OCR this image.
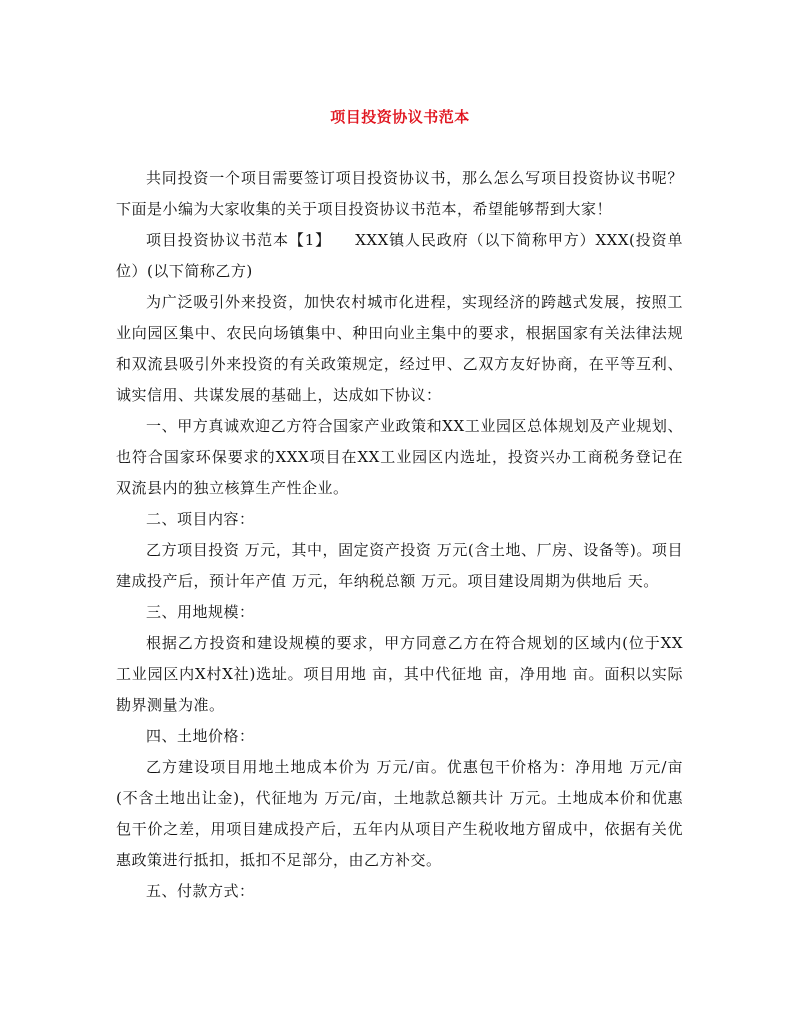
项目投资协议书范本

共同投资一个项目需要签订项目投资协议书，那么怎么写项目投资协议书呢？下面是小编为大家收集的关于项目投资协议书范本，希望能够帮到大家！

项目投资协议书范本【1】　　XXX镇人民政府（以下简称甲方）XXX(投资单位）(以下简称乙方)

为广泛吸引外来投资，加快农村城市化进程，实现经济的跨越式发展，按照工业向园区集中、农民向场镇集中、种田向业主集中的要求，根据国家有关法律法规和双流县吸引外来投资的有关政策规定，经过甲、乙双方友好协商，在平等互利、诚实信用、共谋发展的基础上，达成如下协议：

一、甲方真诚欢迎乙方符合国家产业政策和XX工业园区总体规划及产业规划、也符合国家环保要求的XXX项目在XX工业园区内选址，投资兴办工商税务登记在双流县内的独立核算生产性企业。

二、项目内容：

乙方项目投资 万元，其中，固定资产投资 万元(含土地、厂房、设备等)。项目建成投产后，预计年产值 万元，年纳税总额 万元。项目建设周期为供地后 天。

三、用地规模：

根据乙方投资和建设规模的要求，甲方同意乙方在符合规划的区域内(位于XX工业园区内X村X社)选址。项目用地 亩，其中代征地 亩，净用地 亩。面积以实际勘界测量为准。

四、土地价格：

乙方建设项目用地土地成本价为 万元/亩。优惠包干价格为：净用地 万元/亩(不含土地出让金)，代征地为 万元/亩，土地款总额共计 万元。土地成本价和优惠包干价之差，用项目建成投产后，五年内从项目产生税收地方留成中，依据有关优惠政策进行抵扣，抵扣不足部分，由乙方补交。

五、付款方式：
